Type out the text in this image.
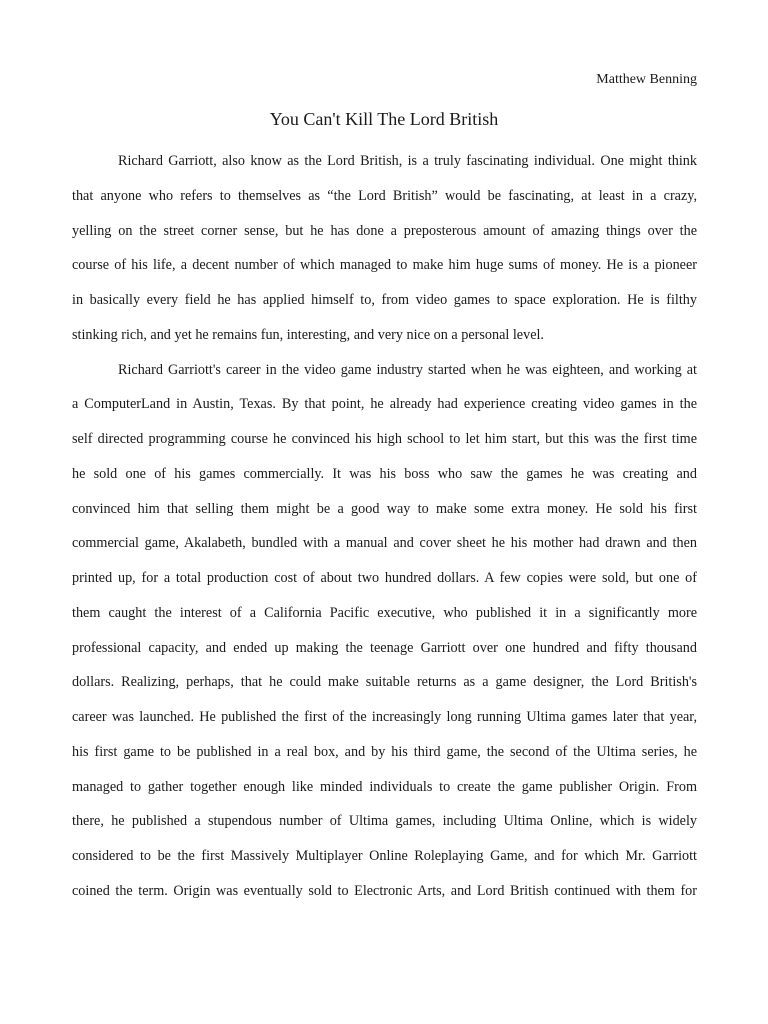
Matthew Benning
You Can't Kill The Lord British
Richard Garriott, also know as the Lord British, is a truly fascinating individual. One might think
that anyone who refers to themselves as “the Lord British” would be fascinating, at least in a crazy,
yelling on the street corner sense, but he has done a preposterous amount of amazing things over the
course of his life, a decent number of which managed to make him huge sums of money. He is a pioneer
in basically every field he has applied himself to, from video games to space exploration. He is filthy
stinking rich, and yet he remains fun, interesting, and very nice on a personal level.
Richard Garriott's career in the video game industry started when he was eighteen, and working at
a ComputerLand in Austin, Texas. By that point, he already had experience creating video games in the
self directed programming course he convinced his high school to let him start, but this was the first time
he sold one of his games commercially. It was his boss who saw the games he was creating and
convinced him that selling them might be a good way to make some extra money. He sold his first
commercial game, Akalabeth, bundled with a manual and cover sheet he his mother had drawn and then
printed up, for a total production cost of about two hundred dollars. A few copies were sold, but one of
them caught the interest of a California Pacific executive, who published it in a significantly more
professional capacity, and ended up making the teenage Garriott over one hundred and fifty thousand
dollars. Realizing, perhaps, that he could make suitable returns as a game designer, the Lord British's
career was launched. He published the first of the increasingly long running Ultima games later that year,
his first game to be published in a real box, and by his third game, the second of the Ultima series, he
managed to gather together enough like minded individuals to create the game publisher Origin. From
there, he published a stupendous number of Ultima games, including Ultima Online, which is widely
considered to be the first Massively Multiplayer Online Roleplaying Game, and for which Mr. Garriott
coined the term. Origin was eventually sold to Electronic Arts, and Lord British continued with them for
